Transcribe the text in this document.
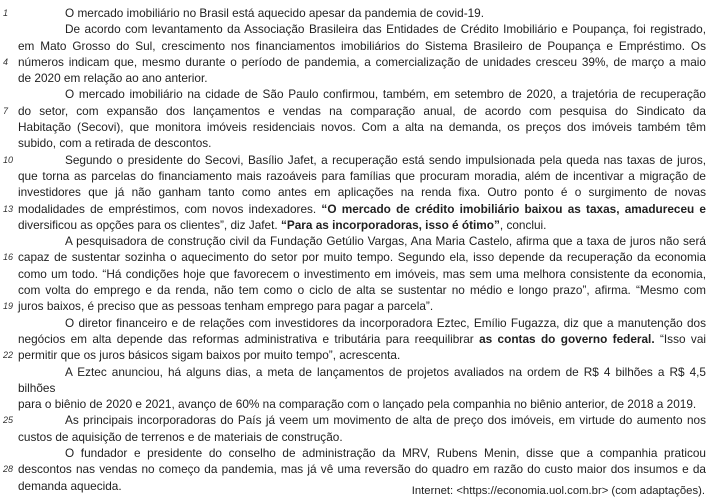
1	O mercado imobiliário no Brasil está aquecido apesar da pandemia de covid-19.
De acordo com levantamento da Associação Brasileira das Entidades de Crédito Imobiliário e Poupança, foi registrado,
em Mato Grosso do Sul, crescimento nos financiamentos imobiliários do Sistema Brasileiro de Poupança e Empréstimo. Os
4 números indicam que, mesmo durante o período de pandemia, a comercialização de unidades cresceu 39%, de março a maio
de 2020 em relação ao ano anterior.
O mercado imobiliário na cidade de São Paulo confirmou, também, em setembro de 2020, a trajetória de recuperação
7 do setor, com expansão dos lançamentos e vendas na comparação anual, de acordo com pesquisa do Sindicato da
Habitação (Secovi), que monitora imóveis residenciais novos. Com a alta na demanda, os preços dos imóveis também têm
subido, com a retirada de descontos.
10	Segundo o presidente do Secovi, Basílio Jafet, a recuperação está sendo impulsionada pela queda nas taxas de juros,
que torna as parcelas do financiamento mais razoáveis para famílias que procuram moradia, além de incentivar a migração de
investidores que já não ganham tanto como antes em aplicações na renda fixa. Outro ponto é o surgimento de novas
13 modalidades de empréstimos, com novos indexadores. “O mercado de crédito imobiliário baixou as taxas, amadureceu e
diversificou as opções para os clientes”, diz Jafet. “Para as incorporadoras, isso é ótimo”, conclui.
A pesquisadora de construção civil da Fundação Getúlio Vargas, Ana Maria Castelo, afirma que a taxa de juros não será
16 capaz de sustentar sozinha o aquecimento do setor por muito tempo. Segundo ela, isso depende da recuperação da economia
como um todo. “Há condições hoje que favorecem o investimento em imóveis, mas sem uma melhora consistente da economia,
com volta do emprego e da renda, não tem como o ciclo de alta se sustentar no médio e longo prazo”, afirma. “Mesmo com
19 juros baixos, é preciso que as pessoas tenham emprego para pagar a parcela”.
O diretor financeiro e de relações com investidores da incorporadora Eztec, Emílio Fugazza, diz que a manutenção dos
negócios em alta depende das reformas administrativa e tributária para reequilibrar as contas do governo federal. “Isso vai
22 permitir que os juros básicos sigam baixos por muito tempo”, acrescenta.
A Eztec anunciou, há alguns dias, a meta de lançamentos de projetos avaliados na ordem de R$ 4 bilhões a R$ 4,5 bilhões
para o biênio de 2020 e 2021, avanço de 60% na comparação com o lançado pela companhia no biênio anterior, de 2018 a 2019.
25	As principais incorporadoras do País já veem um movimento de alta de preço dos imóveis, em virtude do aumento nos
custos de aquisição de terrenos e de materiais de construção.
O fundador e presidente do conselho de administração da MRV, Rubens Menin, disse que a companhia praticou
28 descontos nas vendas no começo da pandemia, mas já vê uma reversão do quadro em razão do custo maior dos insumos e da
demanda aquecida.	Internet: <https://economia.uol.com.br> (com adaptações).
